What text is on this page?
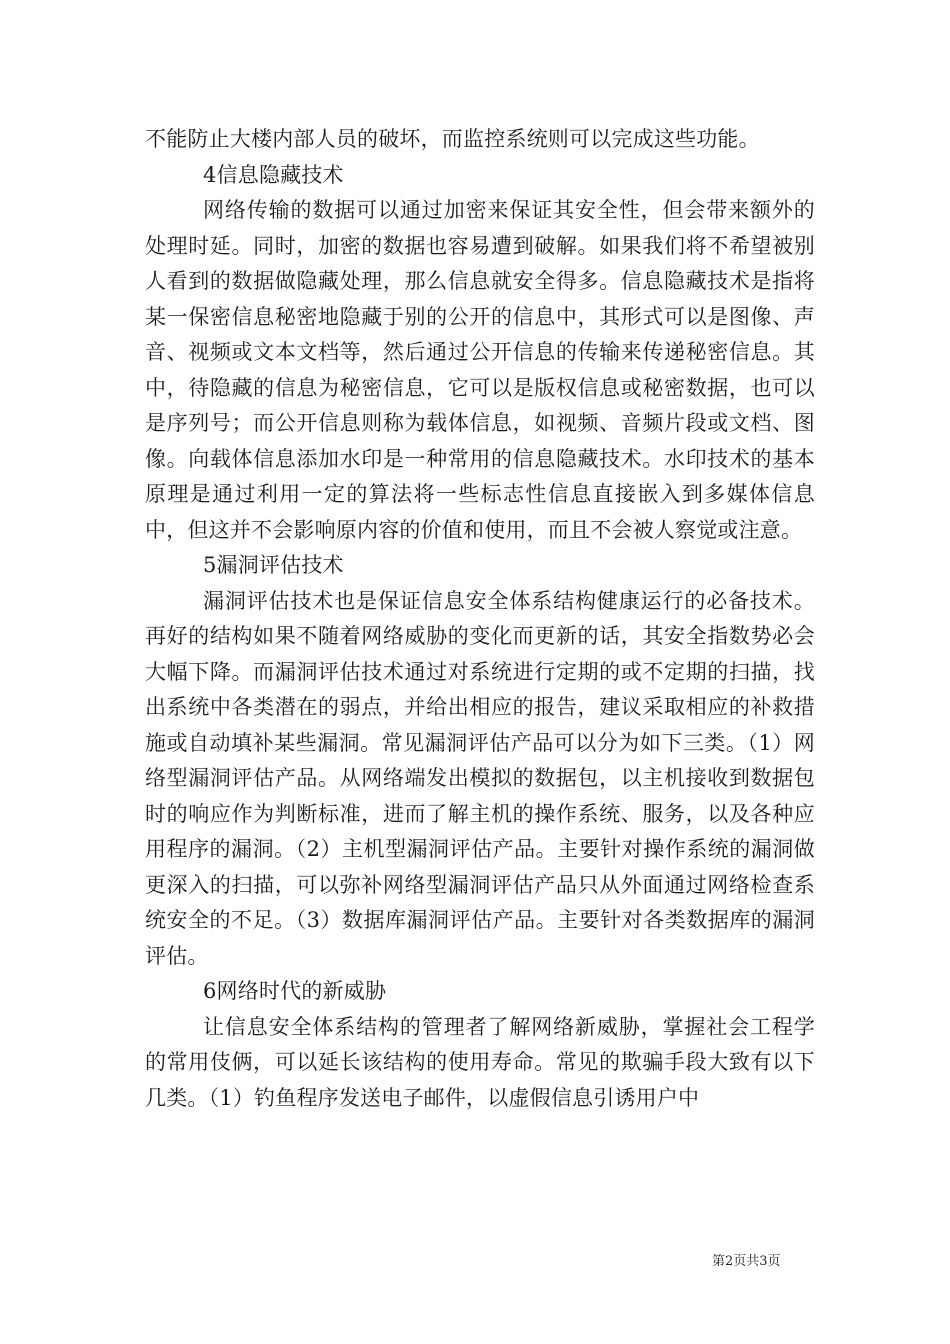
不能防止大楼内部人员的破坏，而监控系统则可以完成这些功能。

4信息隐藏技术

网络传输的数据可以通过加密来保证其安全性，但会带来额外的处理时延。同时，加密的数据也容易遭到破解。如果我们将不希望被别人看到的数据做隐藏处理，那么信息就安全得多。信息隐藏技术是指将某一保密信息秘密地隐藏于别的公开的信息中，其形式可以是图像、声音、视频或文本文档等，然后通过公开信息的传输来传递秘密信息。其中，待隐藏的信息为秘密信息，它可以是版权信息或秘密数据，也可以是序列号；而公开信息则称为载体信息，如视频、音频片段或文档、图像。向载体信息添加水印是一种常用的信息隐藏技术。水印技术的基本原理是通过利用一定的算法将一些标志性信息直接嵌入到多媒体信息中，但这并不会影响原内容的价值和使用，而且不会被人察觉或注意。

5漏洞评估技术

漏洞评估技术也是保证信息安全体系结构健康运行的必备技术。再好的结构如果不随着网络威胁的变化而更新的话，其安全指数势必会大幅下降。而漏洞评估技术通过对系统进行定期的或不定期的扫描，找出系统中各类潜在的弱点，并给出相应的报告，建议采取相应的补救措施或自动填补某些漏洞。常见漏洞评估产品可以分为如下三类。（1）网络型漏洞评估产品。从网络端发出模拟的数据包，以主机接收到数据包时的响应作为判断标准，进而了解主机的操作系统、服务，以及各种应用程序的漏洞。（2）主机型漏洞评估产品。主要针对操作系统的漏洞做更深入的扫描，可以弥补网络型漏洞评估产品只从外面通过网络检查系统安全的不足。（3）数据库漏洞评估产品。主要针对各类数据库的漏洞评估。

6网络时代的新威胁

让信息安全体系结构的管理者了解网络新威胁，掌握社会工程学的常用伎俩，可以延长该结构的使用寿命。常见的欺骗手段大致有以下几类。（1）钓鱼程序发送电子邮件，以虚假信息引诱用户中

第2页共3页
